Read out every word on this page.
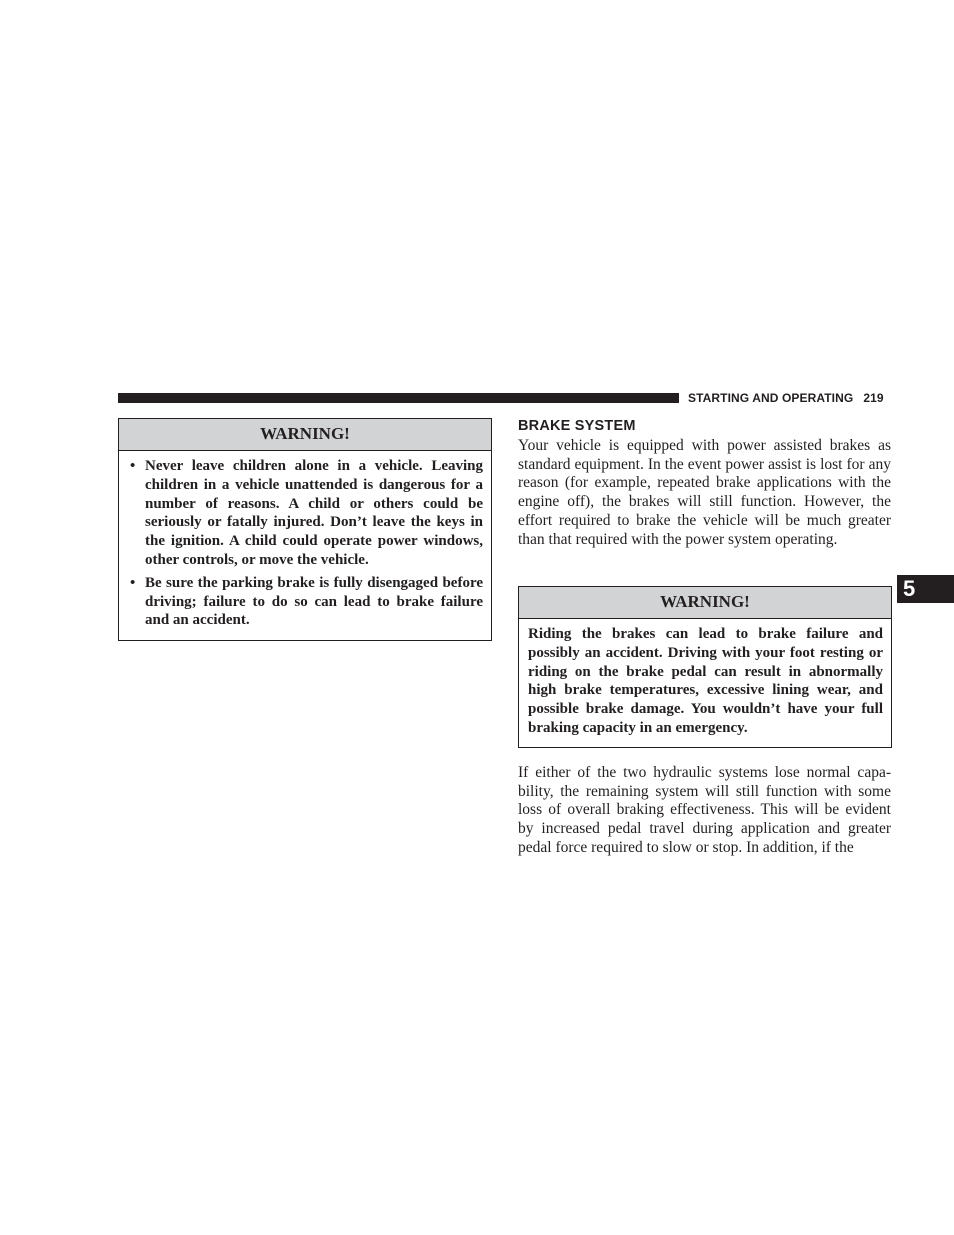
STARTING AND OPERATING 219
5
WARNING!
• Never leave children alone in a vehicle. Leaving children in a vehicle unattended is dangerous for a number of reasons. A child or others could be seriously or fatally injured. Don’t leave the keys in the ignition. A child could operate power windows, other controls, or move the vehicle.
• Be sure the parking brake is fully disengaged before driving; failure to do so can lead to brake failure and an accident.
BRAKE SYSTEM
Your vehicle is equipped with power assisted brakes as standard equipment. In the event power assist is lost for any reason (for example, repeated brake applications with the engine off), the brakes will still function. However, the effort required to brake the vehicle will be much greater than that required with the power system operating.
WARNING!
Riding the brakes can lead to brake failure and possibly an accident. Driving with your foot resting or riding on the brake pedal can result in abnormally high brake temperatures, excessive lining wear, and possible brake damage. You wouldn’t have your full braking capacity in an emergency.
If either of the two hydraulic systems lose normal capability, the remaining system will still function with some loss of overall braking effectiveness. This will be evident by increased pedal travel during application and greater pedal force required to slow or stop. In addition, if the
